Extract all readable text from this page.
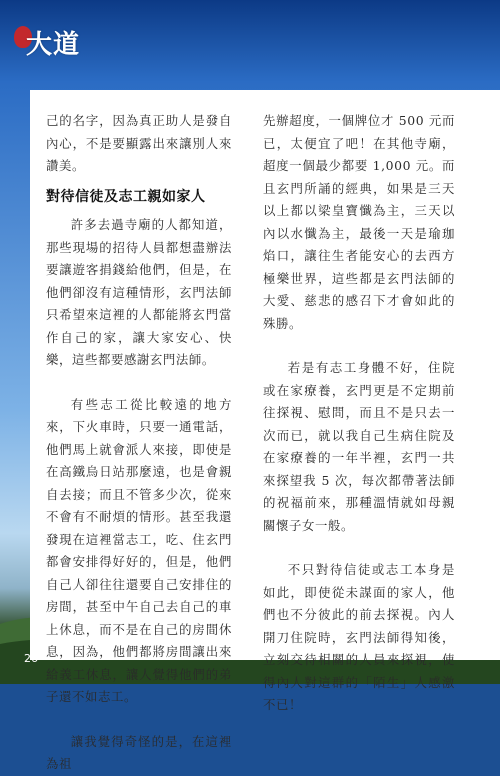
大道

己的名字，因為真正助人是發自內心，不是要顯露出來讓別人來讚美。

對待信徒及志工親如家人

許多去過寺廟的人都知道，那些現場的招待人員都想盡辦法要讓遊客捐錢給他們，但是，在他們卻沒有這種情形，玄門法師只希望來這裡的人都能將玄門當作自己的家，讓大家安心、快樂，這些都要感謝玄門法師。

有些志工從比較遠的地方來，下火車時，只要一通電話，他們馬上就會派人來接，即使是在高鐵烏日站那麼遠，也是會親自去接；而且不管多少次，從來不會有不耐煩的情形。甚至我還發現在這裡當志工，吃、住玄門都會安排得好好的，但是，他們自己人卻往往還要自己安排住的房間，甚至中午自己去自己的車上休息，而不是在自己的房間休息，因為，他們都將房間讓出來給義工休息，讓人覺得他們的弟子還不如志工。

讓我覺得奇怪的是，在這裡為祖

先辦超度，一個牌位才 500 元而已，太便宜了吧！在其他寺廟，超度一個最少都要 1,000 元。而且玄門所誦的經典，如果是三天以上都以梁皇寶懺為主，三天以內以水懺為主，最後一天是瑜珈焰口，讓往生者能安心的去西方極樂世界，這些都是玄門法師的大愛、慈悲的感召下才會如此的殊勝。

若是有志工身體不好，住院或在家療養，玄門更是不定期前往探視、慰問，而且不是只去一次而已，就以我自己生病住院及在家療養的一年半裡，玄門一共來探望我 5 次，每次都帶著法師的祝福前來，那種溫情就如母親關懷子女一般。

不只對待信徒或志工本身是如此，即使從未謀面的家人，他們也不分彼此的前去探視。內人開刀住院時，玄門法師得知後，立刻交待相關的人員來探視，使得內人對這群的「陌生」人感激不已！

26
